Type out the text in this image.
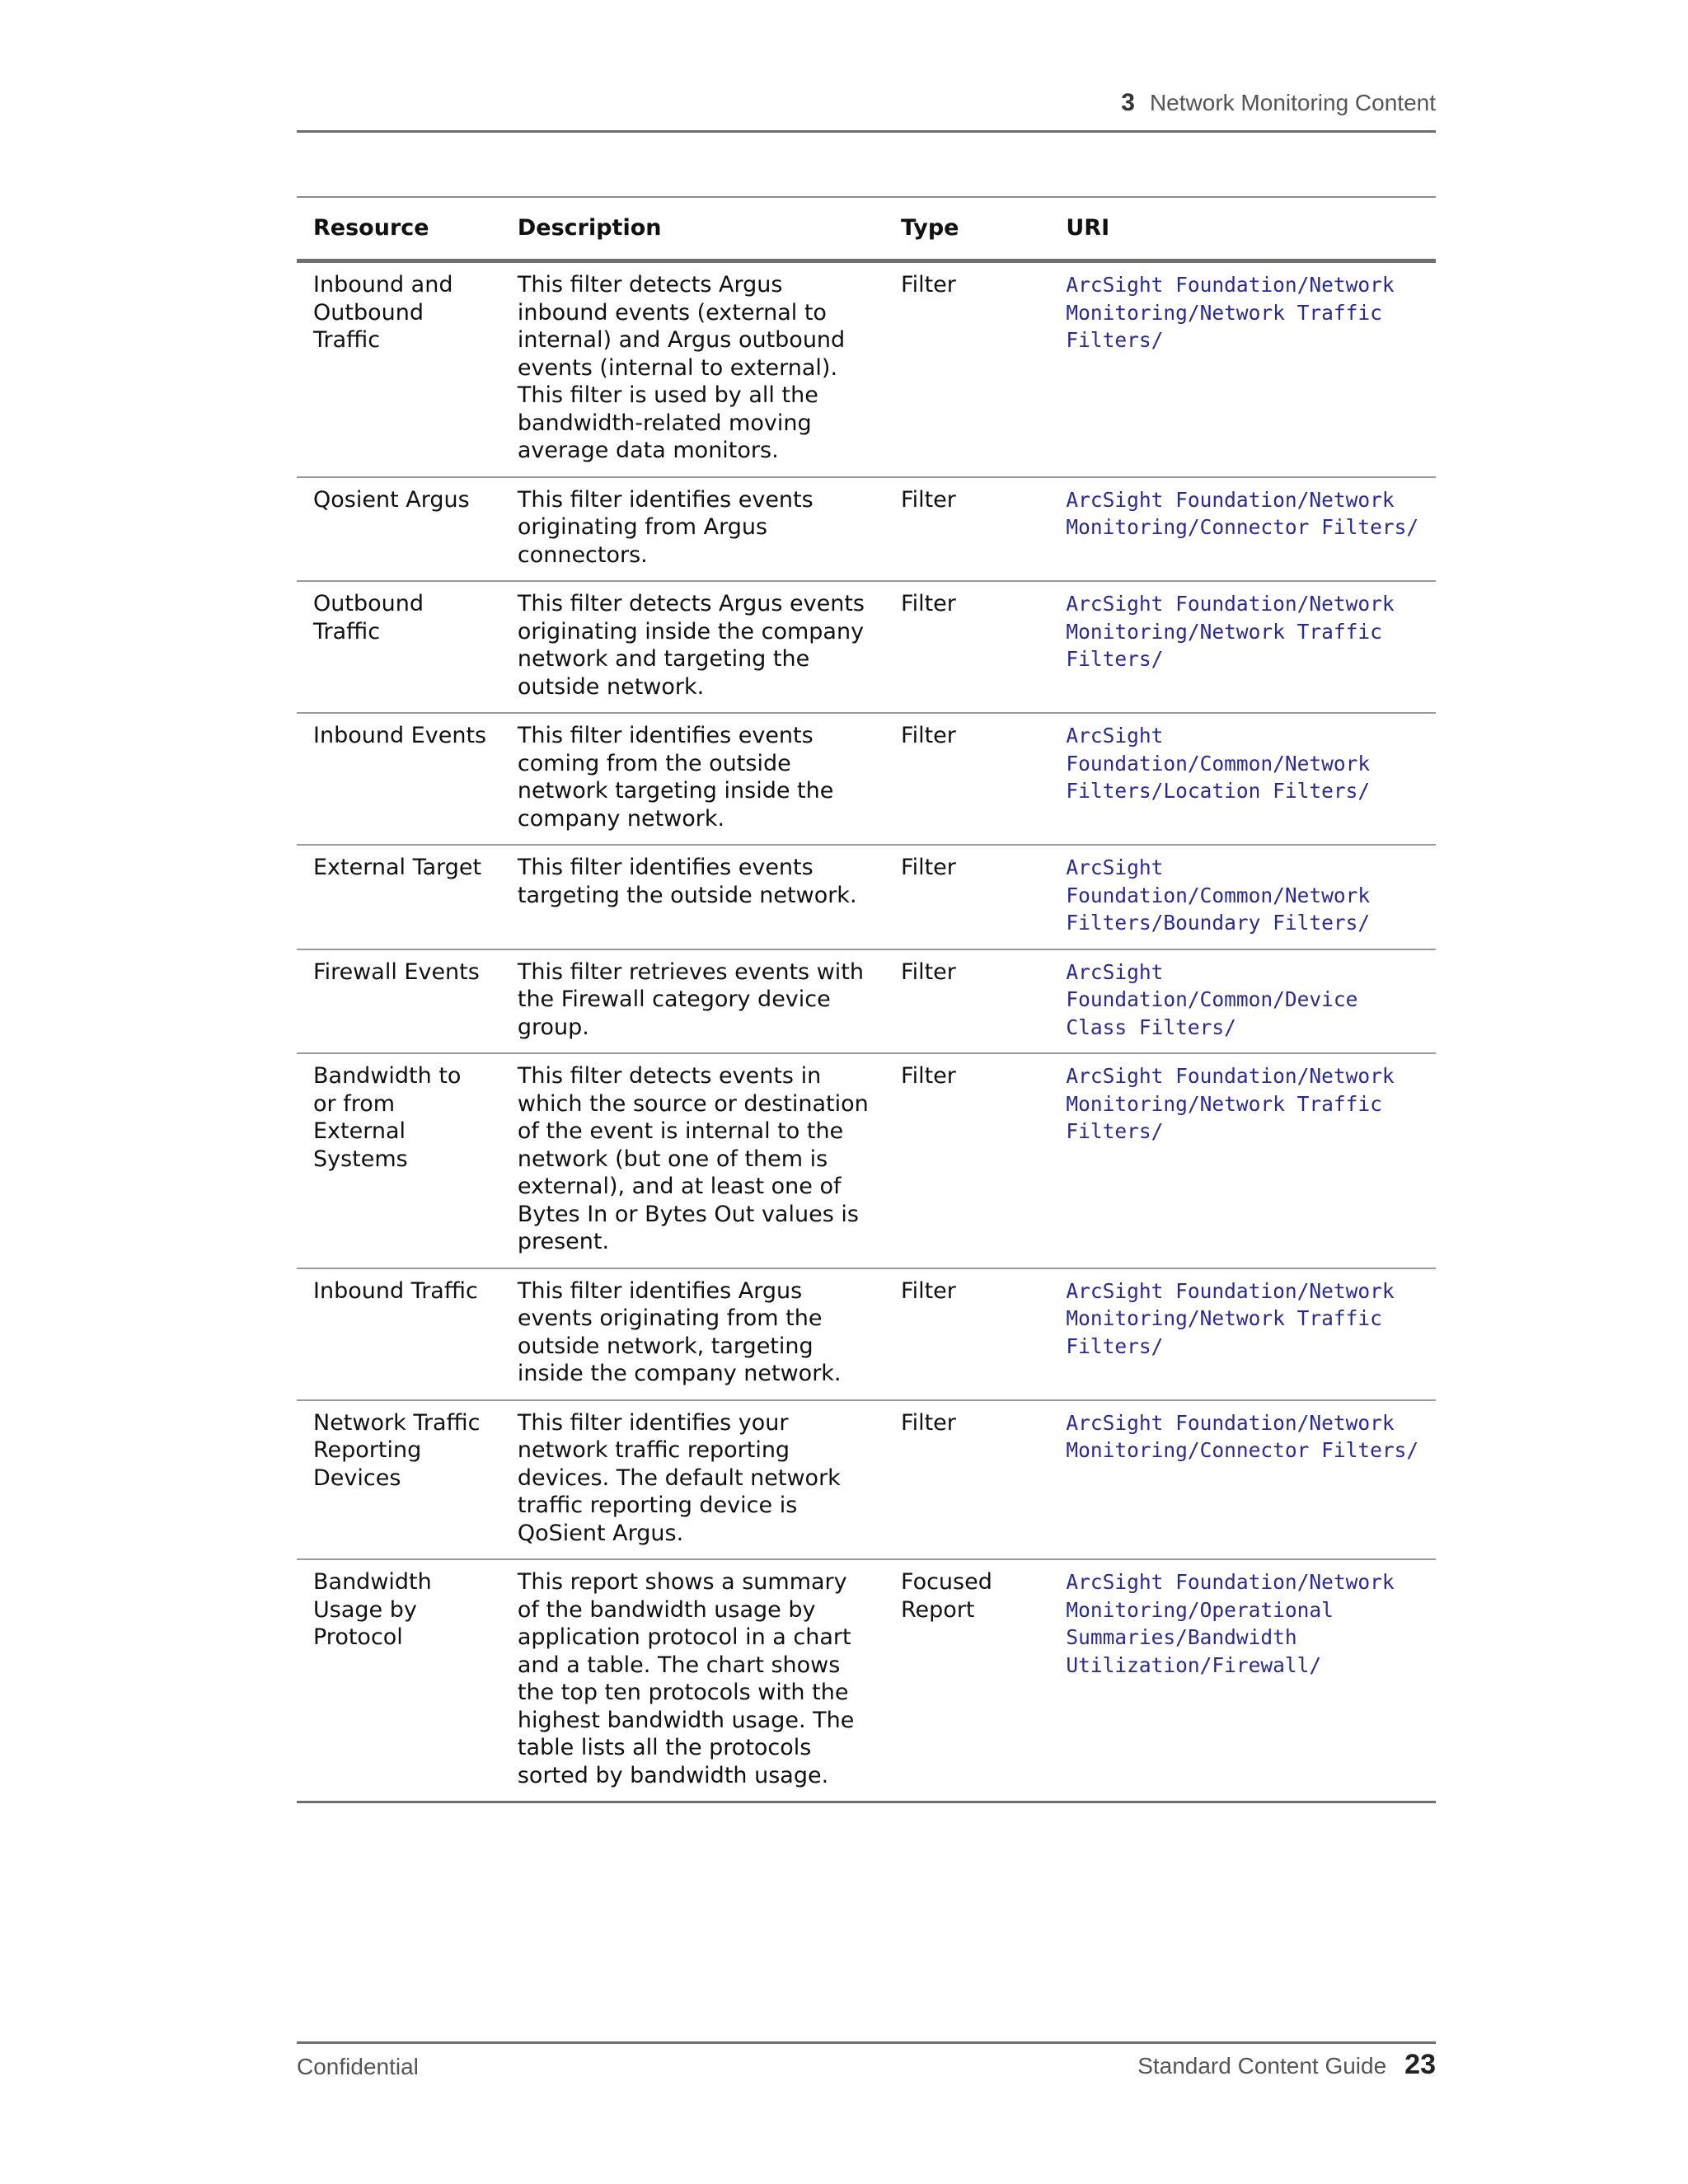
3 Network Monitoring Content
Resource	Description	Type	URI
Inbound and Outbound Traffic	This filter detects Argus inbound events (external to internal) and Argus outbound events (internal to external). This filter is used by all the bandwidth-related moving average data monitors.	Filter	ArcSight Foundation/Network Monitoring/Network Traffic Filters/
Qosient Argus	This filter identifies events originating from Argus connectors.	Filter	ArcSight Foundation/Network Monitoring/Connector Filters/
Outbound Traffic	This filter detects Argus events originating inside the company network and targeting the outside network.	Filter	ArcSight Foundation/Network Monitoring/Network Traffic Filters/
Inbound Events	This filter identifies events coming from the outside network targeting inside the company network.	Filter	ArcSight Foundation/Common/Network Filters/Location Filters/
External Target	This filter identifies events targeting the outside network.	Filter	ArcSight Foundation/Common/Network Filters/Boundary Filters/
Firewall Events	This filter retrieves events with the Firewall category device group.	Filter	ArcSight Foundation/Common/Device Class Filters/
Bandwidth to or from External Systems	This filter detects events in which the source or destination of the event is internal to the network (but one of them is external), and at least one of Bytes In or Bytes Out values is present.	Filter	ArcSight Foundation/Network Monitoring/Network Traffic Filters/
Inbound Traffic	This filter identifies Argus events originating from the outside network, targeting inside the company network.	Filter	ArcSight Foundation/Network Monitoring/Network Traffic Filters/
Network Traffic Reporting Devices	This filter identifies your network traffic reporting devices. The default network traffic reporting device is QoSient Argus.	Filter	ArcSight Foundation/Network Monitoring/Connector Filters/
Bandwidth Usage by Protocol	This report shows a summary of the bandwidth usage by application protocol in a chart and a table. The chart shows the top ten protocols with the highest bandwidth usage. The table lists all the protocols sorted by bandwidth usage.	Focused Report	ArcSight Foundation/Network Monitoring/Operational Summaries/Bandwidth Utilization/Firewall/
Confidential	Standard Content Guide 23
